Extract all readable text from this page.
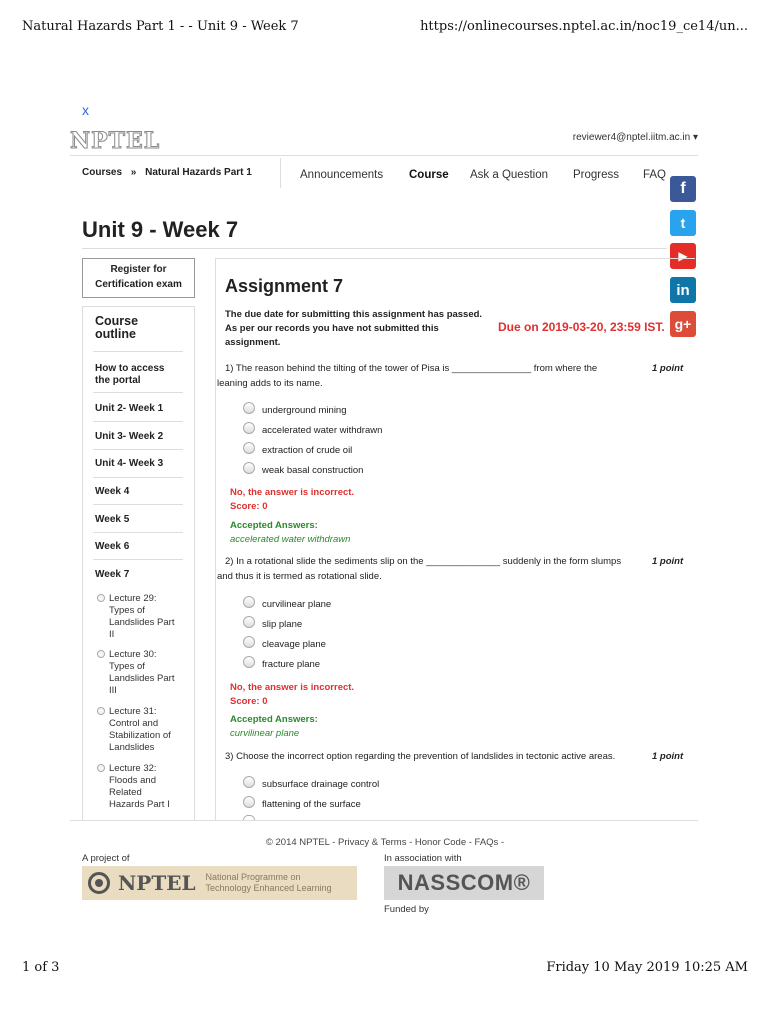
Natural Hazards Part 1 - - Unit 9 - Week 7	https://onlinecourses.nptel.ac.in/noc19_ce14/un...
1 of 3	Friday 10 May 2019 10:25 AM
x
NPTEL	reviewer4@nptel.iitm.ac.in ▾
Courses » Natural Hazards Part 1	Announcements Course Ask a Question Progress FAQ
f
t
▶
in
g+
Unit 9 - Week 7
Register for
Certification exam
Course
outline
How to access
the portal
Unit 2- Week 1
Unit 3- Week 2
Unit 4- Week 3
Week 4
Week 5
Week 6
Week 7
Lecture 29:
Types of
Landslides Part
II
Lecture 30:
Types of
Landslides Part
III
Lecture 31:
Control and
Stabilization of
Landslides
Lecture 32:
Floods and
Related
Hazards Part I
Assignment 7
The due date for submitting this assignment has passed.
As per our records you have not submitted this
assignment.
Due on 2019-03-20, 23:59 IST.
1) The reason behind the tilting of the tower of Pisa is _______________ from where the
leaning adds to its name.
1 point
underground mining
accelerated water withdrawn
extraction of crude oil
weak basal construction
No, the answer is incorrect.
Score: 0
Accepted Answers:
accelerated water withdrawn
2) In a rotational slide the sediments slip on the ______________ suddenly in the form slumps
and thus it is termed as rotational slide.
1 point
curvilinear plane
slip plane
cleavage plane
fracture plane
No, the answer is incorrect.
Score: 0
Accepted Answers:
curvilinear plane
3) Choose the incorrect option regarding the prevention of landslides in tectonic active areas.	1 point
subsurface drainage control
flattening of the surface
© 2014 NPTEL - Privacy & Terms - Honor Code - FAQs -
A project of	In association with
NPTEL National Programme on
Technology Enhanced Learning	NASSCOM®
Funded by
